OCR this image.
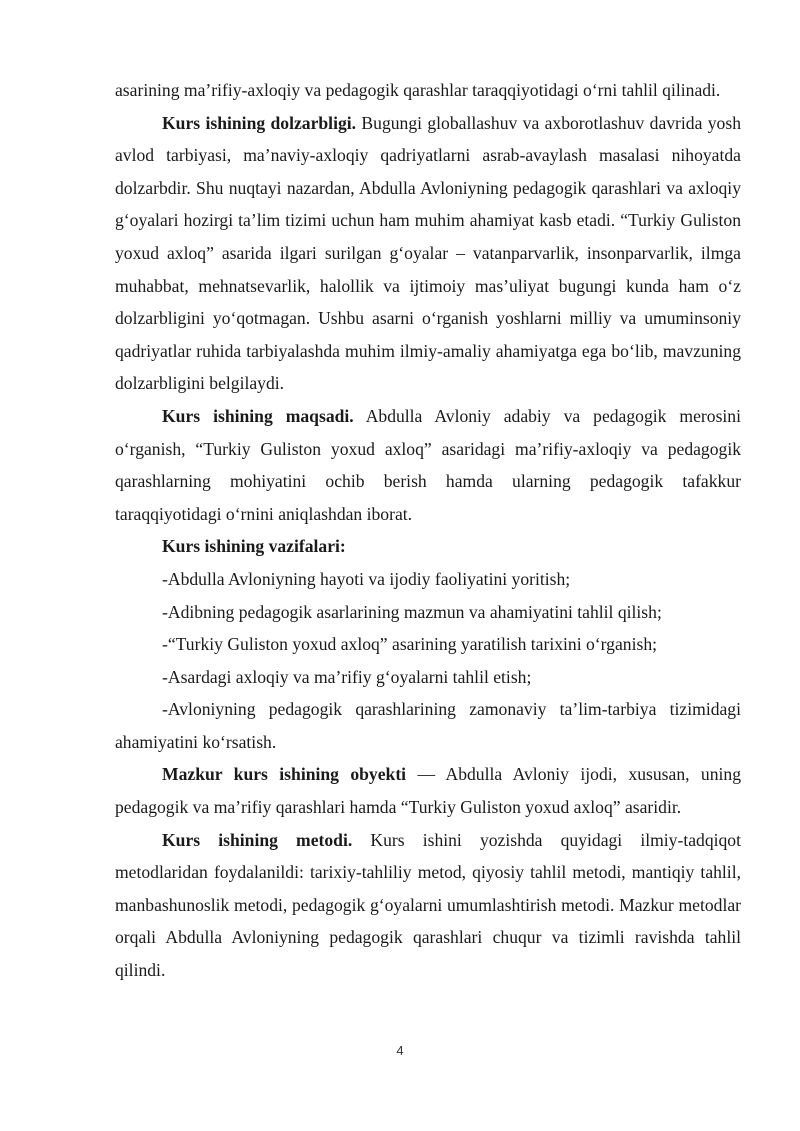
asarining ma’rifiy-axloqiy va pedagogik qarashlar taraqqiyotidagi o‘rni tahlil qilinadi.

Kurs ishining dolzarbligi. Bugungi globallashuv va axborotlashuv davrida yosh avlod tarbiyasi, ma’naviy-axloqiy qadriyatlarni asrab-avaylash masalasi nihoyatda dolzarbdir. Shu nuqtayi nazardan, Abdulla Avloniyning pedagogik qarashlari va axloqiy g‘oyalari hozirgi ta’lim tizimi uchun ham muhim ahamiyat kasb etadi. “Turkiy Guliston yoxud axloq” asarida ilgari surilgan g‘oyalar – vatanparvarlik, insonparvarlik, ilmga muhabbat, mehnatsevarlik, halollik va ijtimoiy mas’uliyat bugungi kunda ham o‘z dolzarbligini yo‘qotmagan. Ushbu asarni o‘rganish yoshlarni milliy va umuminsoniy qadriyatlar ruhida tarbiyalashda muhim ilmiy-amaliy ahamiyatga ega bo‘lib, mavzuning dolzarbligini belgilaydi.

Kurs ishining maqsadi. Abdulla Avloniy adabiy va pedagogik merosini o‘rganish, “Turkiy Guliston yoxud axloq” asaridagi ma’rifiy-axloqiy va pedagogik qarashlarning mohiyatini ochib berish hamda ularning pedagogik tafakkur taraqqiyotidagi o‘rnini aniqlashdan iborat.

Kurs ishining vazifalari:

-Abdulla Avloniyning hayoti va ijodiy faoliyatini yoritish;

-Adibning pedagogik asarlarining mazmun va ahamiyatini tahlil qilish;

-“Turkiy Guliston yoxud axloq” asarining yaratilish tarixini o‘rganish;

-Asardagi axloqiy va ma’rifiy g‘oyalarni tahlil etish;

-Avloniyning pedagogik qarashlarining zamonaviy ta’lim-tarbiya tizimidagi ahamiyatini ko‘rsatish.

Mazkur kurs ishining obyekti — Abdulla Avloniy ijodi, xususan, uning pedagogik va ma’rifiy qarashlari hamda “Turkiy Guliston yoxud axloq” asaridir.

Kurs ishining metodi. Kurs ishini yozishda quyidagi ilmiy-tadqiqot metodlaridan foydalanildi: tarixiy-tahliliy metod, qiyosiy tahlil metodi, mantiqiy tahlil, manbashunoslik metodi, pedagogik g‘oyalarni umumlashtirish metodi. Mazkur metodlar orqali Abdulla Avloniyning pedagogik qarashlari chuqur va tizimli ravishda tahlil qilindi.

4
